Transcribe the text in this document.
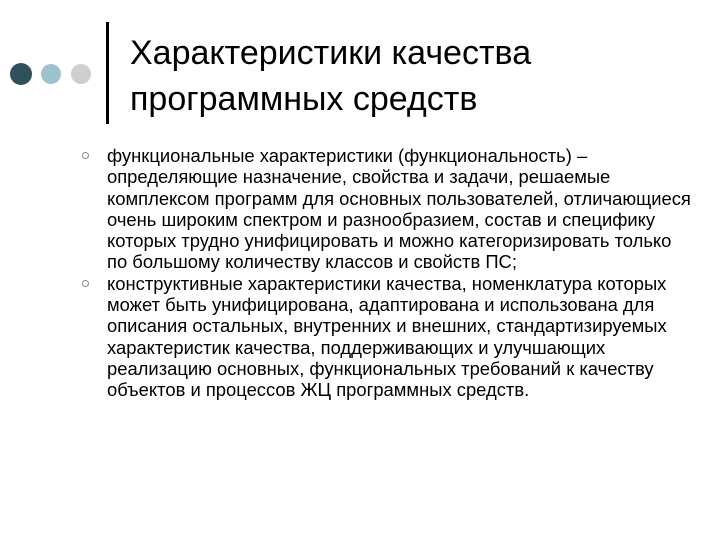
Характеристики качества
программных средств
функциональные характеристики (функциональность) – определяющие назначение, свойства и задачи, решаемые комплексом программ для основных пользователей, отличающиеся очень широким спектром и разнообразием, состав и специфику которых трудно унифицировать и можно категоризировать только по большому количеству классов и свойств ПС;
конструктивные характеристики качества, номенклатура которых может быть унифицирована, адаптирована и использована для описания остальных, внутренних и внешних, стандартизируемых характеристик качества, поддерживающих и улучшающих реализацию основных, функциональных требований к качеству объектов и процессов ЖЦ программных средств.
